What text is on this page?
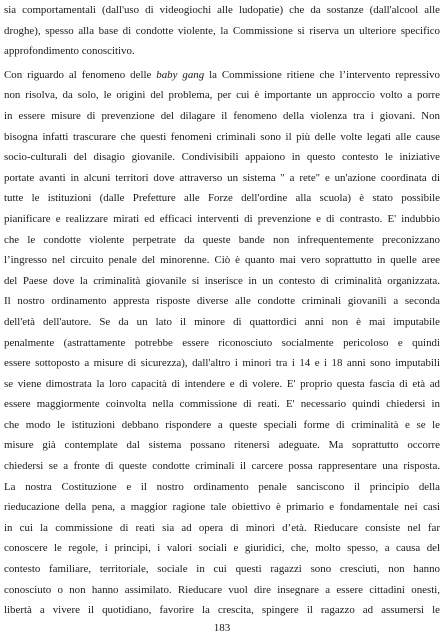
sia comportamentali (dall'uso di videogiochi alle ludopatie) che da sostanze (dall'alcool alle
droghe), spesso alla base di condotte violente, la Commissione si riserva un ulteriore specifico
approfondimento conoscitivo.
Con riguardo al fenomeno delle baby gang la Commissione ritiene che l’intervento repressivo
non risolva, da solo, le origini del problema, per cui è importante un approccio volto a porre
in essere misure di prevenzione del dilagare il fenomeno della violenza tra i giovani. Non
bisogna infatti trascurare che questi fenomeni criminali sono il più delle volte legati alle cause
socio-culturali del disagio giovanile. Condivisibili appaiono in questo contesto le iniziative
portate avanti in alcuni territori dove attraverso un sistema " a rete" e un'azione coordinata di
tutte le istituzioni (dalle Prefetture alle Forze dell'ordine alla scuola) è stato possibile
pianificare e realizzare mirati ed efficaci interventi di prevenzione e di contrasto. E' indubbio
che le condotte violente perpetrate da queste bande non infrequentemente preconizzano
l’ingresso nel circuito penale del minorenne. Ciò è quanto mai vero soprattutto in quelle aree
del Paese dove la criminalità giovanile si inserisce in un contesto di criminalità organizzata.
Il nostro ordinamento appresta risposte diverse alle condotte criminali giovanili a seconda
dell'età dell'autore. Se da un lato il minore di quattordici anni non è mai imputabile
penalmente (astrattamente potrebbe essere riconosciuto socialmente pericoloso e quindi
essere sottoposto a misure di sicurezza), dall'altro i minori tra i 14 e i 18 anni sono imputabili
se viene dimostrata la loro capacità di intendere e di volere. E' proprio questa fascia di età ad
essere maggiormente coinvolta nella commissione di reati. E' necessario quindi chiedersi in
che modo le istituzioni debbano rispondere a queste speciali forme di criminalità e se le
misure già contemplate dal sistema possano ritenersi adeguate. Ma soprattutto occorre
chiedersi se a fronte di queste condotte criminali il carcere possa rappresentare una risposta.
La nostra Costituzione e il nostro ordinamento penale sanciscono il principio della
rieducazione della pena, a maggior ragione tale obiettivo è primario e fondamentale nei casi
in cui la commissione di reati sia ad opera di minori d’età. Rieducare consiste nel far
conoscere le regole, i principi, i valori sociali e giuridici, che, molto spesso, a causa del
contesto familiare, territoriale, sociale in cui questi ragazzi sono cresciuti, non hanno
conosciuto o non hanno assimilato. Rieducare vuol dire insegnare a essere cittadini onesti,
libertà a vivere il quotidiano, favorire la crescita, spingere il ragazzo ad assumersi le
183
